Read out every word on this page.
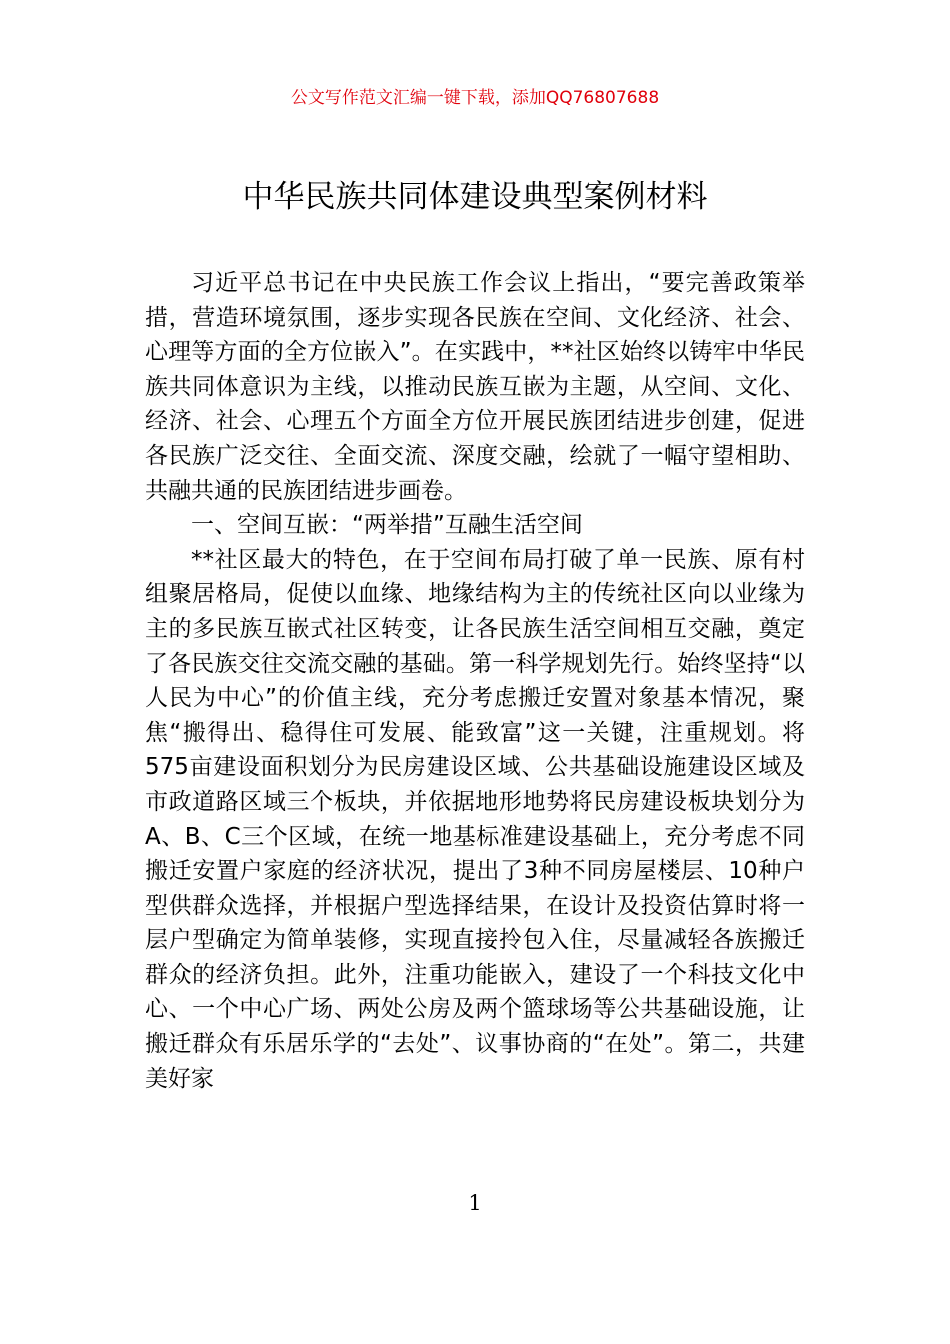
公文写作范文汇编一键下载，添加QQ76807688
中华民族共同体建设典型案例材料

习近平总书记在中央民族工作会议上指出，“要完善政策举措，营造环境氛围，逐步实现各民族在空间、文化经济、社会、心理等方面的全方位嵌入”。在实践中，**社区始终以铸牢中华民族共同体意识为主线，以推动民族互嵌为主题，从空间、文化、经济、社会、心理五个方面全方位开展民族团结进步创建，促进各民族广泛交往、全面交流、深度交融，绘就了一幅守望相助、共融共通的民族团结进步画卷。

一、空间互嵌：“两举措”互融生活空间

**社区最大的特色，在于空间布局打破了单一民族、原有村组聚居格局，促使以血缘、地缘结构为主的传统社区向以业缘为主的多民族互嵌式社区转变，让各民族生活空间相互交融，奠定了各民族交往交流交融的基础。第一科学规划先行。始终坚持“以人民为中心”的价值主线，充分考虑搬迁安置对象基本情况，聚焦“搬得出、稳得住可发展、能致富”这一关键，注重规划。将575亩建设面积划分为民房建设区域、公共基础设施建设区域及市政道路区域三个板块，并依据地形地势将民房建设板块划分为A、B、C三个区域，在统一地基标准建设基础上，充分考虑不同搬迁安置户家庭的经济状况，提出了3种不同房屋楼层、10种户型供群众选择，并根据户型选择结果，在设计及投资估算时将一层户型确定为简单装修，实现直接拎包入住，尽量减轻各族搬迁群众的经济负担。此外，注重功能嵌入，建设了一个科技文化中心、一个中心广场、两处公房及两个篮球场等公共基础设施，让搬迁群众有乐居乐学的“去处”、议事协商的“在处”。第二，共建美好家

1
